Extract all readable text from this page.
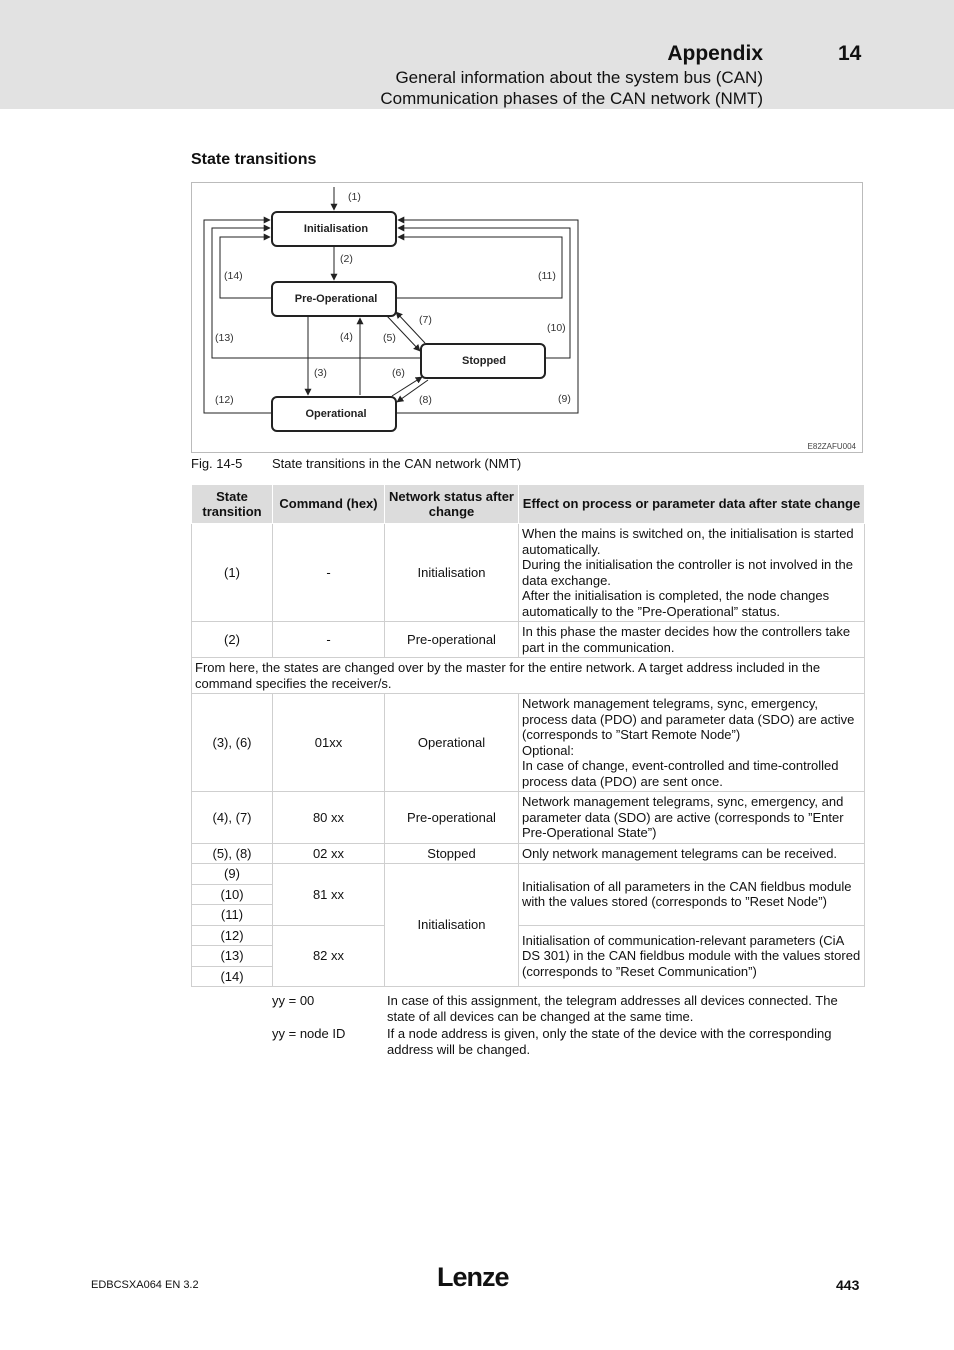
Appendix	14
General information about the system bus (CAN)
Communication phases of the CAN network (NMT)
State transitions
Initialisation
Pre-Operational
Stopped
Operational
(1)
(2)
(14)	(11)
(7)
(10)
(13)	(4)	(5)
(3)	(6)
(12)	(8)	(9)
E82ZAFU004
Fig. 14-5 State transitions in the CAN network (NMT)
State transition	Command (hex)	Network status after change	Effect on process or parameter data after state change
(1)	-	Initialisation	When the mains is switched on, the initialisation is started automatically.
During the initialisation the controller is not involved in the data exchange.
After the initialisation is completed, the node changes automatically to the ”Pre-Operational” status.

(2)	-	Pre-operational	In this phase the master decides how the controllers take part in the communication.
From here, the states are changed over by the master for the entire network. A target address included in the command specifies the receiver/s.			
(3), (6)	01xx	Operational	Network management telegrams, sync, emergency, process data (PDO) and parameter data (SDO) are active (corresponds to ”Start Remote Node”)
Optional:
In case of change, event-controlled and time-controlled process data (PDO) are sent once.

(4), (7)	80 xx	Pre-operational	Network management telegrams, sync, emergency, and parameter data (SDO) are active (corresponds to ”Enter Pre-Operational State”)
(5), (8)	02 xx	Stopped	Only network management telegrams can be received.
(9)	81 xx	Initialisation	Initialisation of all parameters in the CAN fieldbus module with the values stored (corresponds to ”Reset Node”)
(10)			
(11)			
(12)	82 xx		Initialisation of communication-relevant parameters (CiA DS 301) in the CAN fieldbus module with the values stored (corresponds to ”Reset Communication”)
(13)			
(14)			
yy = 00	In case of this assignment, the telegram addresses all devices connected. The state of all devices can be changed at the same time.
yy = node ID	If a node address is given, only the state of the device with the corresponding address will be changed.
EDBCSXA064 EN 3.2	Lenze	443
